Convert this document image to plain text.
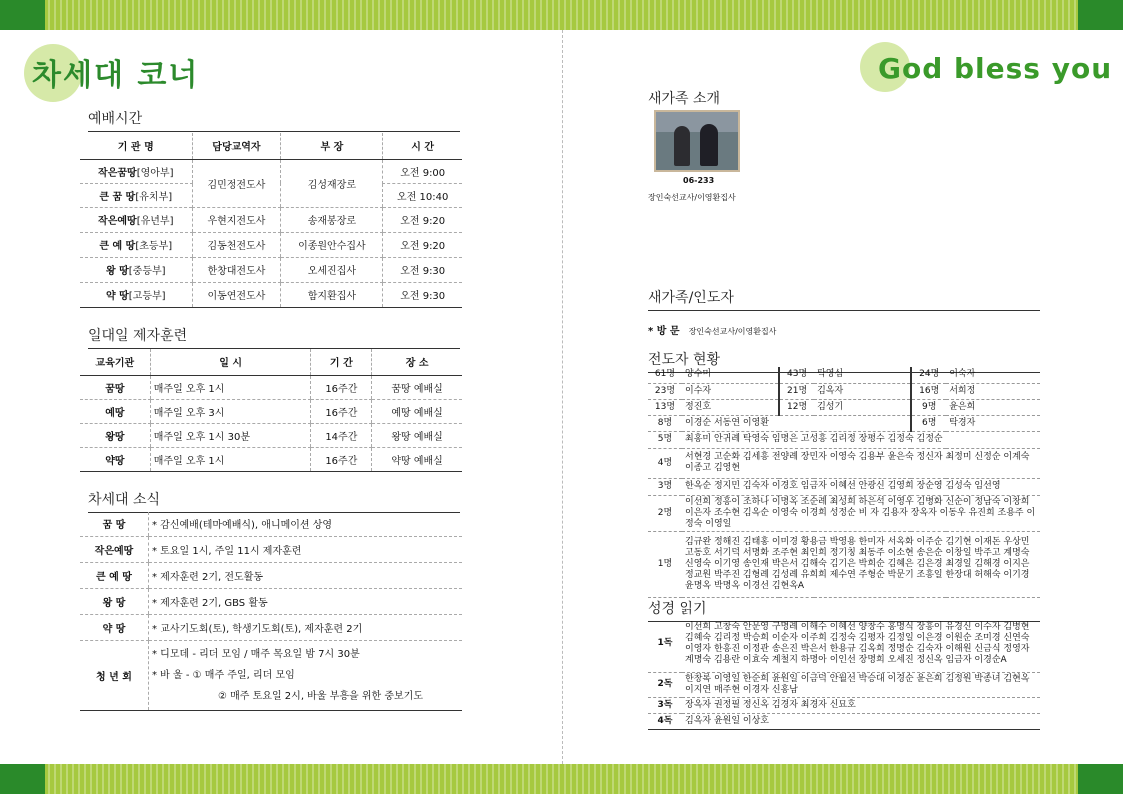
차세대 코너
예배시간
기 관 명	담당교역자	부 장	시 간
작은꿈땅[영아부]	김민정전도사	김성재장로	오전 9:00
큰 꿈 땅[유치부]			오전 10:40
작은예땅[유년부]	우현지전도사	송재봉장로	오전 9:20
큰 예 땅[초등부]	김동천전도사	이종원안수집사	오전 9:20
왕 땅[중등부]	한창대전도사	오세진집사	오전 9:30
약 땅[고등부]	이동연전도사	함지환집사	오전 9:30
일대일 제자훈련
교육기관	일 시	기 간	장 소
꿈땅	매주일 오후 1시	16주간	꿈땅 예배실
예땅	매주일 오후 3시	16주간	예땅 예배실
왕땅	매주일 오후 1시 30분	14주간	왕땅 예배실
약땅	매주일 오후 1시	16주간	약땅 예배실
차세대 소식
꿈 땅	* 감신예배(테마예배식), 애니메이션 상영
작은예땅	* 토요일 1시, 주일 11시 제자훈련
큰 예 땅	* 제자훈련 2기, 전도활동
왕 땅	* 제자훈련 2기, GBS 활동
약 땅	* 교사기도회(토), 학생기도회(토), 제자훈련 2기
청 년 회	* 디모데 - 리더 모임 / 매주 목요일 밤 7시 30분
* 바 울 - ① 매주 주일, 리더 모임
② 매주 토요일 2시, 바울 부흥을 위한 중보기도
God bless you
새가족 소개
06-233
장인숙선교사/이영환집사
새가족/인도자
* 방 문 장인숙선교사/이영환집사
전도자 현황
61명	양수미	43명	탁영심	24명	이숙자
23명	이수자	21명	김옥자	16명	서희정
13명	정진호	12명	김성기	9명	윤은희
8명	이경순 서동연 이영환			6명	탁경자
5명	최홍미 안귀례 탁영숙 임명은 고성흥 김리정 장평수 김정숙 김정순				
4명	서현경 고순화 김세흥 전양례 장민자 이영숙 김용부 윤은숙 정신자 최정미 신정순 이계숙 이종고 김영현				
3명	한옥순 정지민 김숙자 이경호 임금자 이혜선 안광신 김영희 장순영 김성숙 임선영				
2명	이선희 정흥이 조하나 이명옥 조순례 최성희 하은석 이영우 김병화 신순이 정남숙 이창희 이은자 조수현 김옥순 이영숙 이경희 성정순 비 자 김용자 장옥자 이동우 유진희 조용주 이정숙 이영일				
1명	김규완 정해진 김태홍 이미경 황용금 박영용 한미자 서옥화 이주순 김기현 이재돈 우상민 고동호 서기덕 서명화 조주현 최인희 정기칭 최동주 이소현 송은순 이창일 박주고 계명숙 신영숙 이기영 송인재 박은서 김해숙 김기은 박희순 김혜은 김은경 최경일 김해경 이지은 정교원 박주진 김형례 김성례 유희희 제수연 주형순 박문기 조흥일 한장대 허해숙 이기경 윤명옥 박명옥 이경선 김현옥A				
성경 읽기
1독	이선희 고창숙 안문영 구명례 이해수 이혜선 양창수 홍명식 장흥이 유경신 이수자 김병현 김혜숙 김리정 박승희 이순자 이주희 김정숙 김평자 김정일 이은경 이원순 조미경 신연숙 이영자 한흥진 이정관 송은진 박은서 한용규 김옥희 정명순 김숙자 이해원 신금식 정영자 계명숙 김용란 이효숙 계철지 하명아 이인선 장명희 오세진 정신옥 임금자 이경순A
2독	한창록 이영일 한순희 윤원일 이금덕 안월선 박승대 이경순 윤은희 김정원 박종녀 김현옥 이지연 매주현 이경자 신홍남
3독	장옥자 권정필 정신옥 김경자 최경자 신묘호
4독	김옥자 윤원일 이상호
